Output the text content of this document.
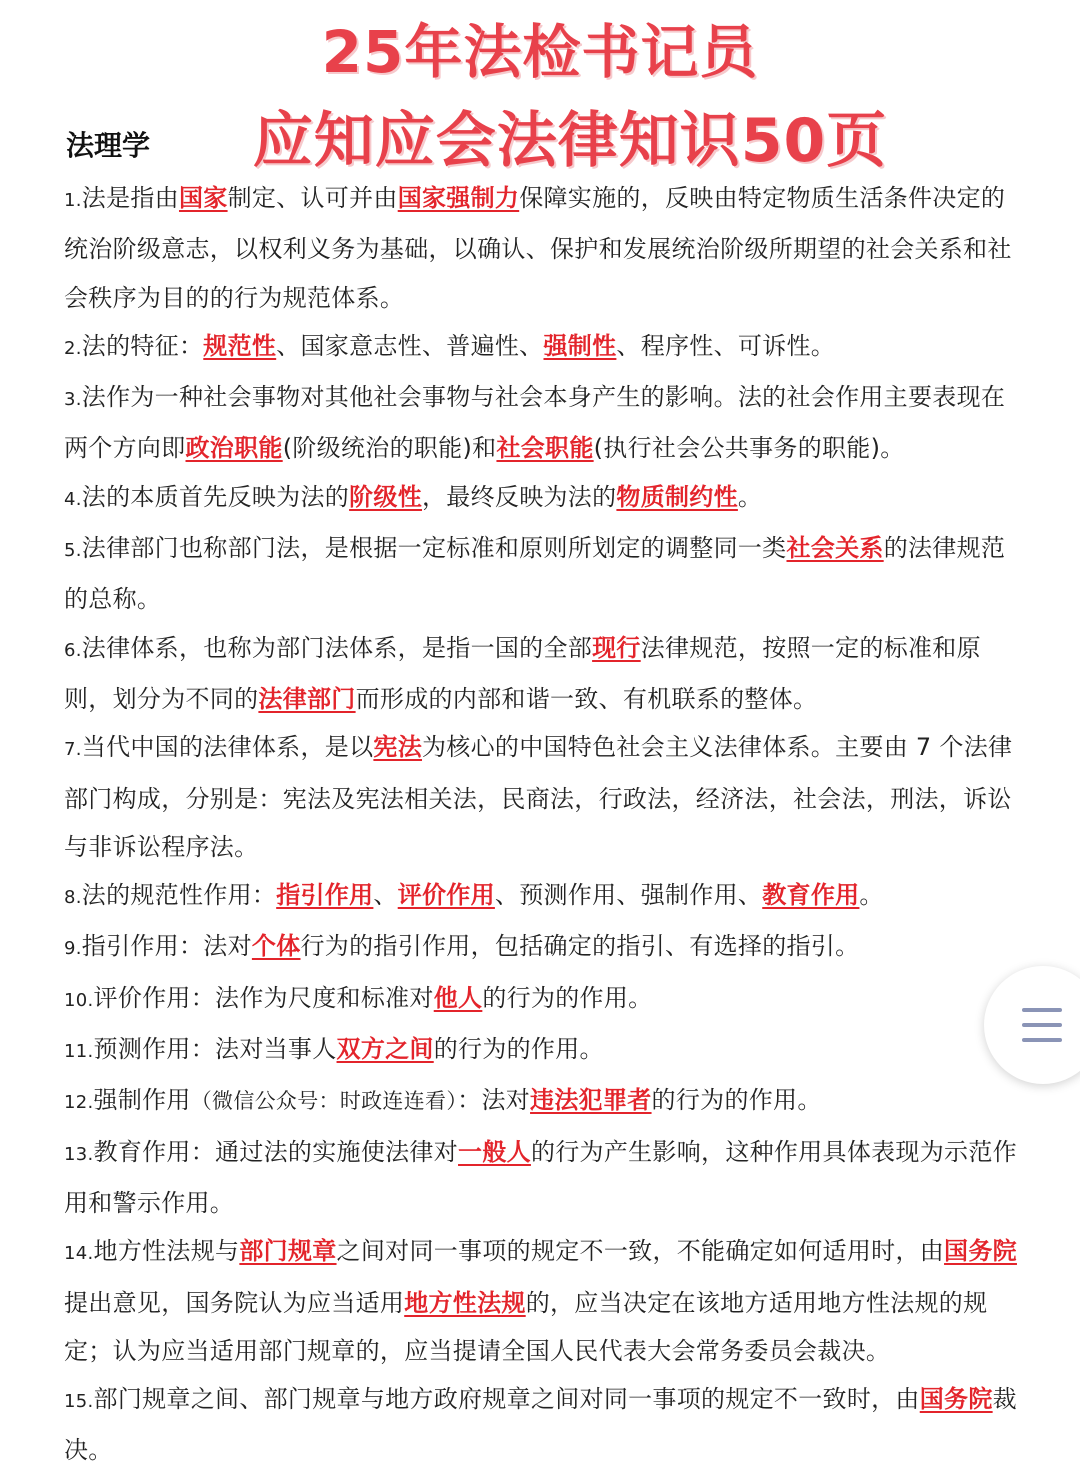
25年法检书记员
应知应会法律知识50页
法理学

1.法是指由国家制定、认可并由国家强制力保障实施的，反映由特定物质生活条件决定的统治阶级意志，以权利义务为基础，以确认、保护和发展统治阶级所期望的社会关系和社会秩序为目的的行为规范体系。

2.法的特征：规范性、国家意志性、普遍性、强制性、程序性、可诉性。

3.法作为一种社会事物对其他社会事物与社会本身产生的影响。法的社会作用主要表现在两个方向即政治职能(阶级统治的职能)和社会职能(执行社会公共事务的职能)。

4.法的本质首先反映为法的阶级性，最终反映为法的物质制约性。

5.法律部门也称部门法，是根据一定标准和原则所划定的调整同一类社会关系的法律规范的总称。

6.法律体系，也称为部门法体系，是指一国的全部现行法律规范，按照一定的标准和原则，划分为不同的法律部门而形成的内部和谐一致、有机联系的整体。

7.当代中国的法律体系，是以宪法为核心的中国特色社会主义法律体系。主要由 7 个法律部门构成，分别是：宪法及宪法相关法，民商法，行政法，经济法，社会法，刑法，诉讼与非诉讼程序法。

8.法的规范性作用：指引作用、评价作用、预测作用、强制作用、教育作用。

9.指引作用：法对个体行为的指引作用，包括确定的指引、有选择的指引。

10.评价作用：法作为尺度和标准对他人的行为的作用。

11.预测作用：法对当事人双方之间的行为的作用。

12.强制作用（微信公众号：时政连连看）：法对违法犯罪者的行为的作用。

13.教育作用：通过法的实施使法律对一般人的行为产生影响，这种作用具体表现为示范作用和警示作用。

14.地方性法规与部门规章之间对同一事项的规定不一致，不能确定如何适用时，由国务院提出意见，国务院认为应当适用地方性法规的，应当决定在该地方适用地方性法规的规定；认为应当适用部门规章的，应当提请全国人民代表大会常务委员会裁决。

15.部门规章之间、部门规章与地方政府规章之间对同一事项的规定不一致时，由国务院裁决。
